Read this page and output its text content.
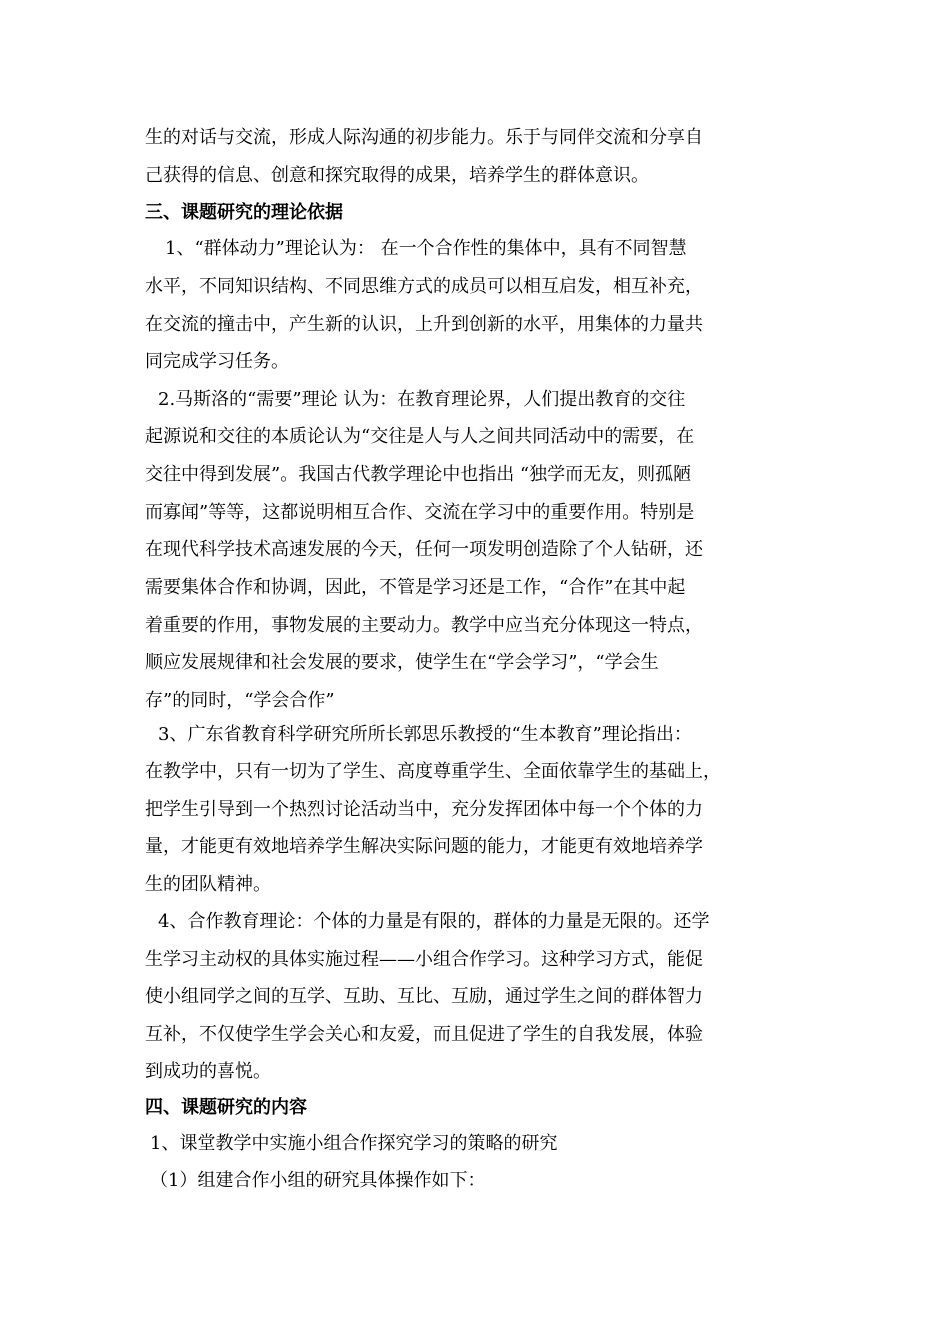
生的对话与交流，形成人际沟通的初步能力。乐于与同伴交流和分享自
己获得的信息、创意和探究取得的成果，培养学生的群体意识。
三、课题研究的理论依据
1、“群体动力”理论认为： 在一个合作性的集体中，具有不同智慧
水平，不同知识结构、不同思维方式的成员可以相互启发，相互补充，
在交流的撞击中，产生新的认识，上升到创新的水平，用集体的力量共
同完成学习任务。
2.马斯洛的“需要”理论 认为：在教育理论界，人们提出教育的交往
起源说和交往的本质论认为“交往是人与人之间共同活动中的需要，在
交往中得到发展”。我国古代教学理论中也指出 “独学而无友，则孤陋
而寡闻”等等，这都说明相互合作、交流在学习中的重要作用。特别是
在现代科学技术高速发展的今天，任何一项发明创造除了个人钻研，还
需要集体合作和协调，因此，不管是学习还是工作，“合作”在其中起
着重要的作用，事物发展的主要动力。教学中应当充分体现这一特点，
顺应发展规律和社会发展的要求，使学生在“学会学习”，“学会生
存”的同时，“学会合作”
3、广东省教育科学研究所所长郭思乐教授的“生本教育”理论指出：
在教学中，只有一切为了学生、高度尊重学生、全面依靠学生的基础上，
把学生引导到一个热烈讨论活动当中，充分发挥团体中每一个个体的力
量，才能更有效地培养学生解决实际问题的能力，才能更有效地培养学
生的团队精神。
4、合作教育理论：个体的力量是有限的，群体的力量是无限的。还学
生学习主动权的具体实施过程——小组合作学习。这种学习方式，能促
使小组同学之间的互学、互助、互比、互励，通过学生之间的群体智力
互补，不仅使学生学会关心和友爱，而且促进了学生的自我发展，体验
到成功的喜悦。
四、课题研究的内容
1、课堂教学中实施小组合作探究学习的策略的研究
（1）组建合作小组的研究具体操作如下：
